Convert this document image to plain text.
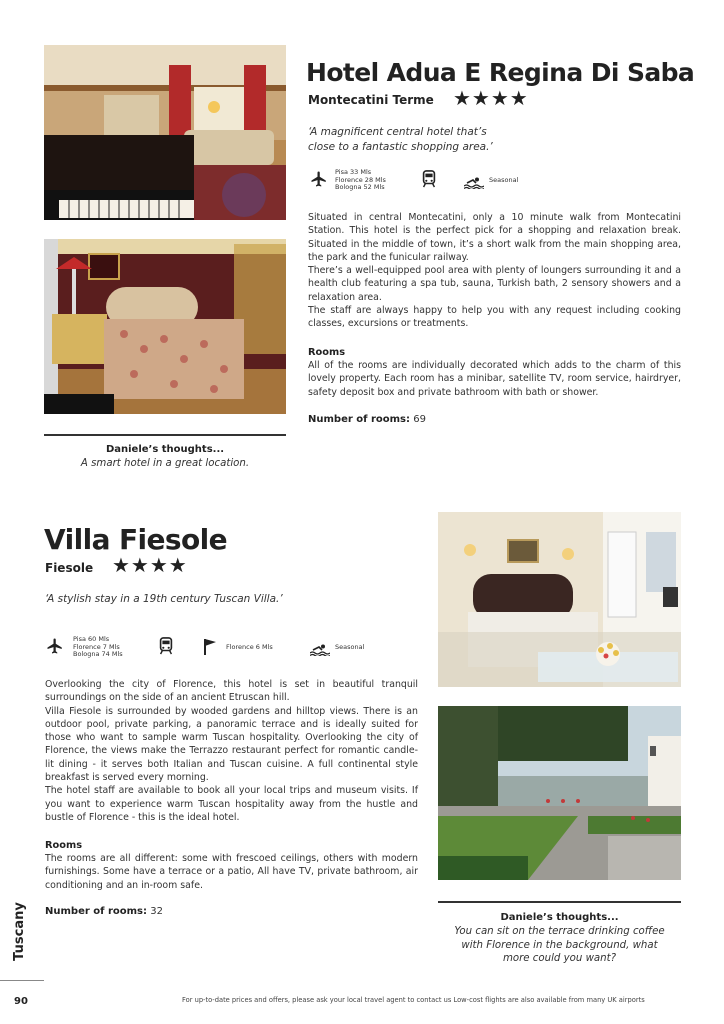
Hotel Adua E Regina Di Saba
Montecatini Terme ★★★★
‘A magnificent central hotel that’s
close to a fantastic shopping area.’
Pisa 33 Mls
Florence 28 Mls
Bologna 52 Mls
Seasonal

Situated in central Montecatini, only a 10 minute walk from Montecatini Station. This hotel is the perfect pick for a shopping and relaxation break. Situated in the middle of town, it’s a short walk from the main shopping area, the park and the funicular railway.

There’s a well-equipped pool area with plenty of loungers surrounding it and a health club featuring a spa tub, sauna, Turkish bath, 2 sensory showers and a relaxation area.

The staff are always happy to help you with any request including cooking classes, excursions or treatments.

Rooms
All of the rooms are individually decorated which adds to the charm of this lovely property. Each room has a minibar, satellite TV, room service, hairdryer, safety deposit box and private bathroom with bath or shower.
Number of rooms: 69
Daniele’s thoughts...
A smart hotel in a great location.
Villa Fiesole
Fiesole ★★★★
‘A stylish stay in a 19th century Tuscan Villa.’
Pisa 60 Mls
Florence 7 Mls
Bologna 74 Mls
Florence 6 Mls	Seasonal

Overlooking the city of Florence, this hotel is set in beautiful tranquil surroundings on the side of an ancient Etruscan hill.

Villa Fiesole is surrounded by wooded gardens and hilltop views. There is an outdoor pool, private parking, a panoramic terrace and is ideally suited for those who want to sample warm Tuscan hospitality. Overlooking the city of Florence, the views make the Terrazzo restaurant perfect for romantic candle-lit dining - it serves both Italian and Tuscan cuisine. A full continental style breakfast is served every morning.

The hotel staff are available to book all your local trips and museum visits. If you want to experience warm Tuscan hospitality away from the hustle and bustle of Florence - this is the ideal hotel.

Rooms
The rooms are all different: some with frescoed ceilings, others with modern furnishings. Some have a terrace or a patio, All have TV, private bathroom, air conditioning and an in-room safe.
Number of rooms: 32
Daniele’s thoughts...
You can sit on the terrace drinking coffee
with Florence in the background, what
more could you want?
Tuscany
90	For up-to-date prices and offers, please ask your local travel agent to contact us Low-cost flights are also available from many UK airports
